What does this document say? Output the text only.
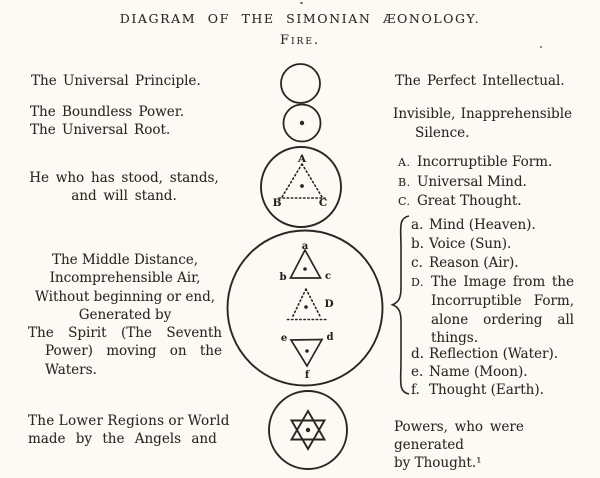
DIAGRAM OF THE SIMONIAN ÆONOLOGY.
Fire.
A
B	C
a
b	c
D
e	d
f
The Universal Principle.
The Boundless Power.
The Universal Root.
He who has stood, stands,
and will stand.
The Middle Distance,
Incomprehensible Air,
Without beginning or end,
Generated by
The Spirit (The Seventh
Power) moving on the
Waters.
The Lower Regions or World
made by the Angels and
The Perfect Intellectual.
Invisible, Inapprehensible
Silence.
A. Incorruptible Form.
B. Universal Mind.
C. Great Thought.
a. Mind (Heaven).
b. Voice (Sun).
c. Reason (Air).
D. The Image from the
Incorruptible Form,
alone ordering all
things.
d. Reflection (Water).
e. Name (Moon).
f. Thought (Earth).
Powers, who were generated
by Thought.¹
